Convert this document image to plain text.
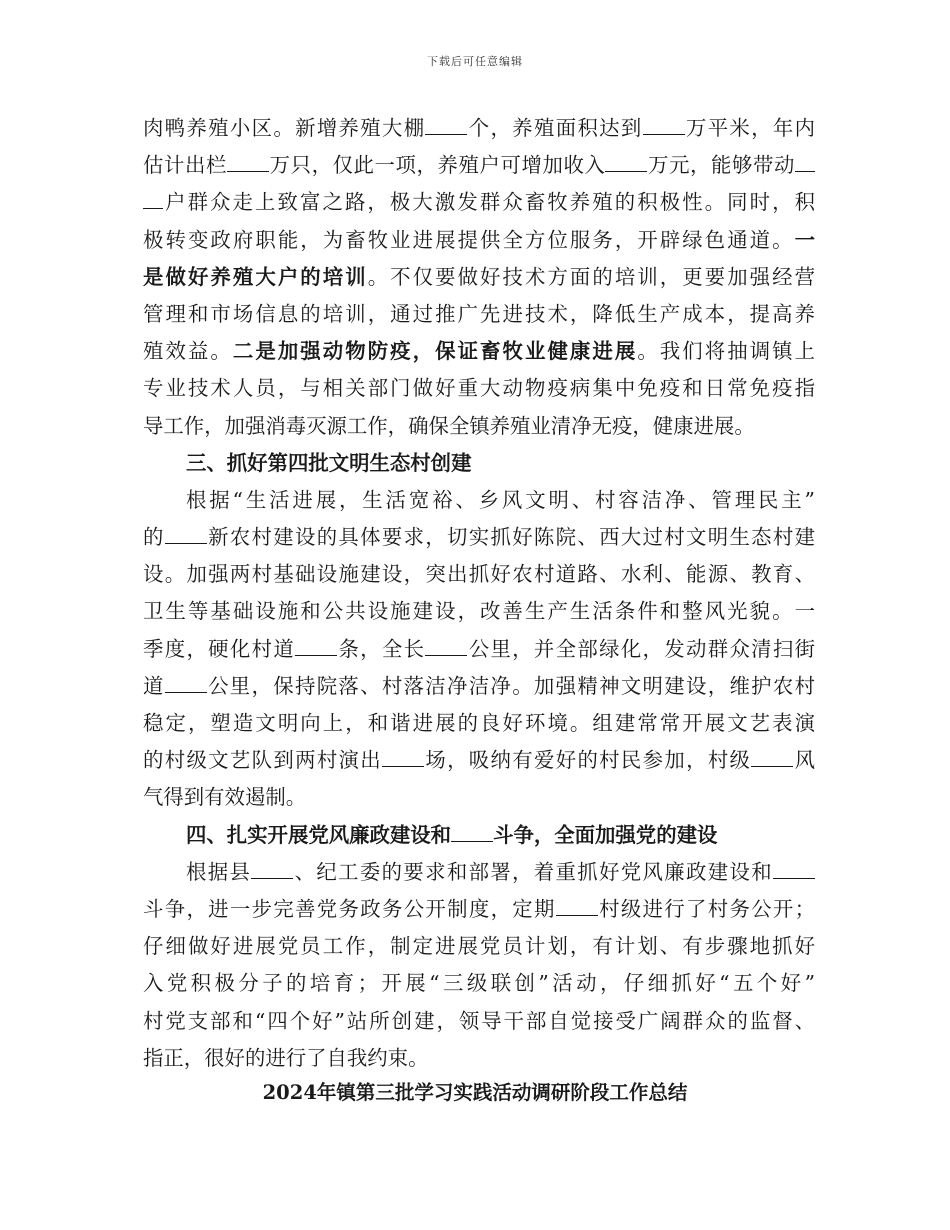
下载后可任意编辑
肉鸭养殖小区。新增养殖大棚 个，养殖面积达到 万平米，年内
估计出栏 万只，仅此一项，养殖户可增加收入 万元，能够带动
户群众走上致富之路，极大激发群众畜牧养殖的积极性。同时，积
极转变政府职能，为畜牧业进展提供全方位服务，开辟绿色通道。一
是做好养殖大户的培训。不仅要做好技术方面的培训，更要加强经营
管理和市场信息的培训，通过推广先进技术，降低生产成本，提高养
殖效益。二是加强动物防疫，保证畜牧业健康进展。我们将抽调镇上
专业技术人员，与相关部门做好重大动物疫病集中免疫和日常免疫指
导工作，加强消毒灭源工作，确保全镇养殖业清净无疫，健康进展。
三、抓好第四批文明生态村创建
根据“生活进展，生活宽裕、乡风文明、村容洁净、管理民主”
的 新农村建设的具体要求，切实抓好陈院、西大过村文明生态村建
设。加强两村基础设施建设，突出抓好农村道路、水利、能源、教育、
卫生等基础设施和公共设施建设，改善生产生活条件和整风光貌。一
季度，硬化村道 条，全长 公里，并全部绿化，发动群众清扫街
道 公里，保持院落、村落洁净洁净。加强精神文明建设，维护农村
稳定，塑造文明向上，和谐进展的良好环境。组建常常开展文艺表演
的村级文艺队到两村演出 场，吸纳有爱好的村民参加，村级 风
气得到有效遏制。
四、扎实开展党风廉政建设和 斗争，全面加强党的建设
根据县 、纪工委的要求和部署，着重抓好党风廉政建设和
斗争，进一步完善党务政务公开制度，定期 村级进行了村务公开；
仔细做好进展党员工作，制定进展党员计划，有计划、有步骤地抓好
入党积极分子的培育；开展“三级联创”活动，仔细抓好“五个好”
村党支部和“四个好”站所创建，领导干部自觉接受广阔群众的监督、
指正，很好的进行了自我约束。
2024年镇第三批学习实践活动调研阶段工作总结
